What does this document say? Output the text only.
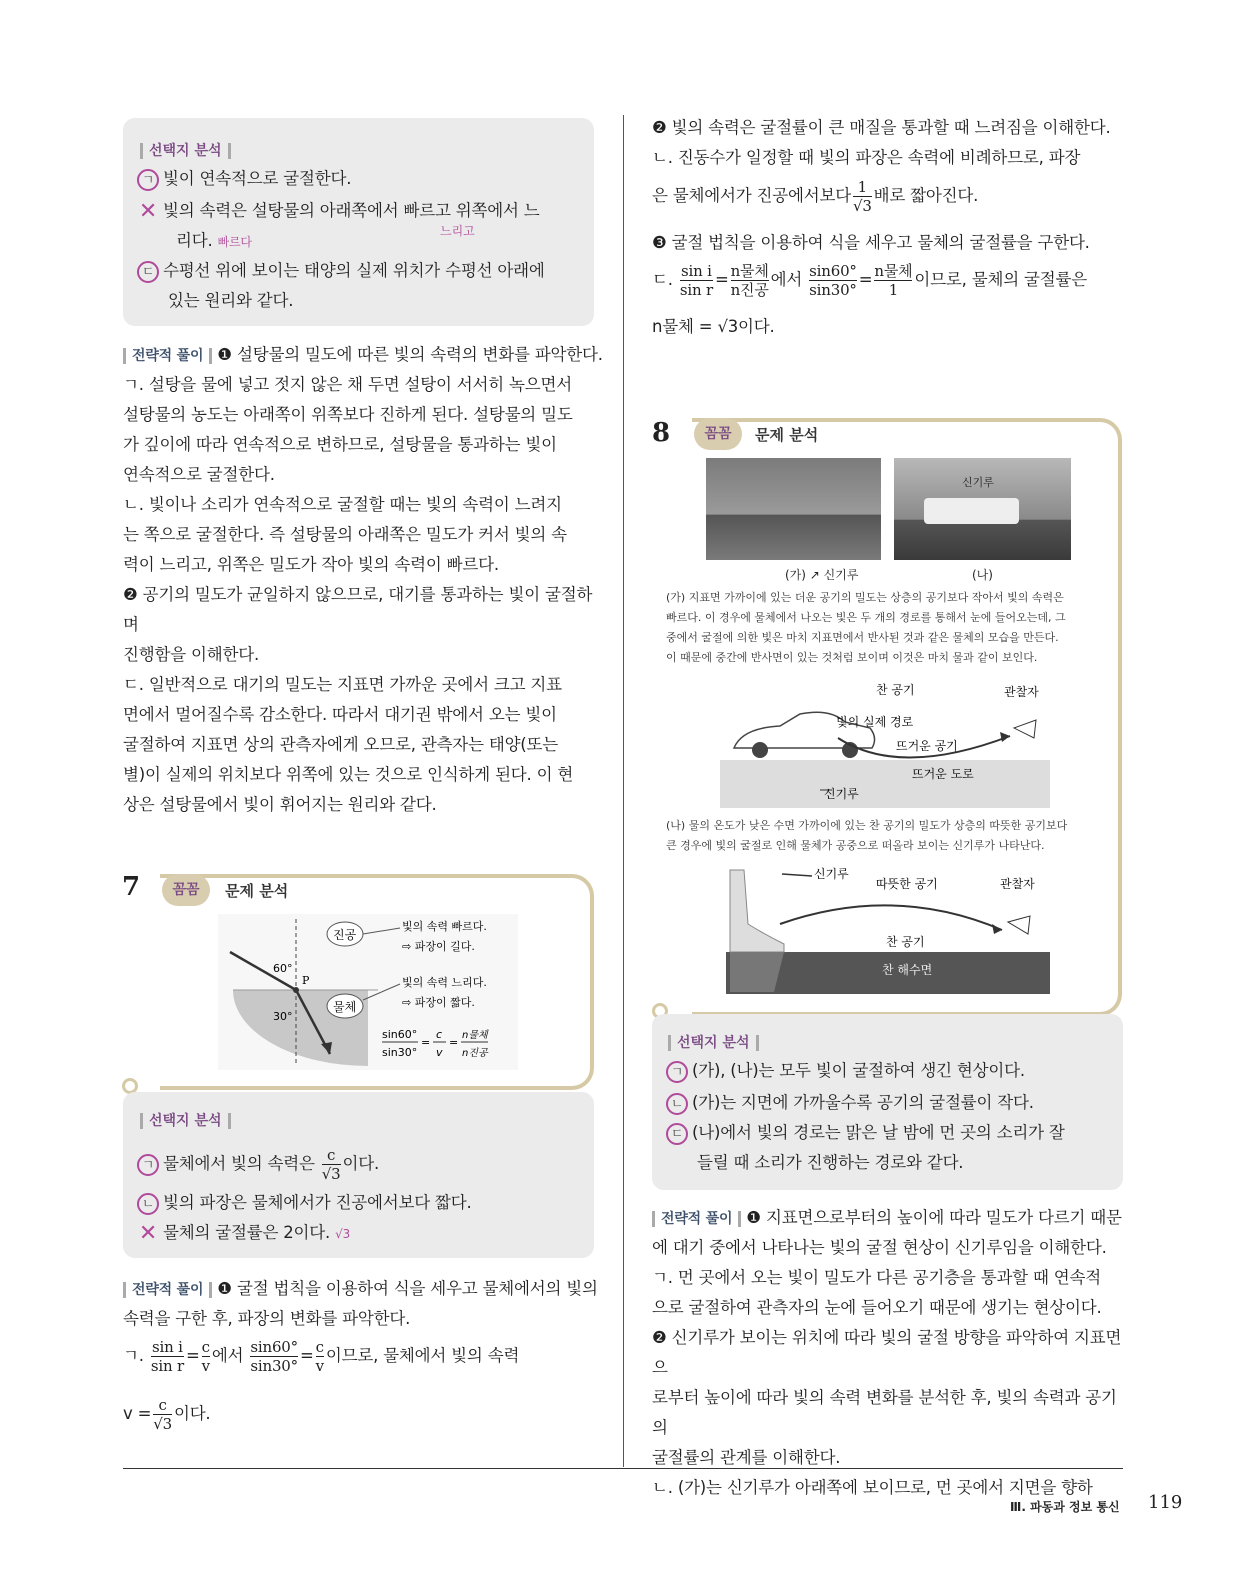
선택지 분석
ㄱ 빛이 연속적으로 굴절한다.
✕ 빛의 속력은 설탕물의 아래쪽에서 빠르고 위쪽에서 느
리다. 빠르다
느리고
ㄷ 수평선 위에 보이는 태양의 실제 위치가 수평선 아래에
있는 원리와 같다.
전략적 풀이 ❶ 설탕물의 밀도에 따른 빛의 속력의 변화를 파악한다.
ㄱ. 설탕을 물에 넣고 젓지 않은 채 두면 설탕이 서서히 녹으면서
설탕물의 농도는 아래쪽이 위쪽보다 진하게 된다. 설탕물의 밀도
가 깊이에 따라 연속적으로 변하므로, 설탕물을 통과하는 빛이
연속적으로 굴절한다.
ㄴ. 빛이나 소리가 연속적으로 굴절할 때는 빛의 속력이 느려지
는 쪽으로 굴절한다. 즉 설탕물의 아래쪽은 밀도가 커서 빛의 속
력이 느리고, 위쪽은 밀도가 작아 빛의 속력이 빠르다.
❷ 공기의 밀도가 균일하지 않으므로, 대기를 통과하는 빛이 굴절하며
진행함을 이해한다.
ㄷ. 일반적으로 대기의 밀도는 지표면 가까운 곳에서 크고 지표
면에서 멀어질수록 감소한다. 따라서 대기권 밖에서 오는 빛이
굴절하여 지표면 상의 관측자에게 오므로, 관측자는 태양(또는
별)이 실제의 위치보다 위쪽에 있는 것으로 인식하게 된다. 이 현
상은 설탕물에서 빛이 휘어지는 원리와 같다.
7	꼼꼼	문제 분석
60°
30°
P
진공
물체
빛의 속력 빠르다.
⇨ 파장이 길다.
빛의 속력 느리다.
⇨ 파장이 짧다.
sin60°
sin30°
=
c
v
=
n물체
n진공
선택지 분석
ㄱ 물체에서 빛의 속력은 $\frac{c}{√3}$ 이다.
ㄴ 빛의 파장은 물체에서가 진공에서보다 짧다.
✕ 물체의 굴절률은 2이다. √3
전략적 풀이 ❶ 굴절 법칙을 이용하여 식을 세우고 물체에서의 빛의
속력을 구한 후, 파장의 변화를 파악한다.
ㄱ. $\frac{\text{sin i}}{\text{sin r}} = \frac{c}{v}$ 에서 $\frac{\sin 60^\circ}{\sin 30^\circ} = \frac{c}{v}$ 이므로, 물체에서 빛의 속력
$v = \frac{c}{√3}$ 이다.
❷ 빛의 속력은 굴절률이 큰 매질을 통과할 때 느려짐을 이해한다.
ㄴ. 진동수가 일정할 때 빛의 파장은 속력에 비례하므로, 파장
은 물체에서가 진공에서보다 $\frac{1}{√3}$ 배로 짧아진다.
❸ 굴절 법칙을 이용하여 식을 세우고 물체의 굴절률을 구한다.
ㄷ. $\frac{\text{sin i}}{\text{sin r}} = \frac{\text{n물체}}{\text{n진공}}$ 에서 $\frac{\sin 60^\circ}{\sin 30^\circ} = \frac{\text{n물체}}{1}$ 이므로, 물체의 굴절률은
n물체 = √3이다.
8	꼼꼼	문제 분석
신기루
(가) ↗ 신기루	(나)
(가) 지표면 가까이에 있는 더운 공기의 밀도는 상층의 공기보다 작아서 빛의 속력은
빠르다. 이 경우에 물체에서 나오는 빛은 두 개의 경로를 통해서 눈에 들어오는데, 그
중에서 굴절에 의한 빛은 마치 지표면에서 반사된 것과 같은 물체의 모습을 만든다.
이 때문에 중간에 반사면이 있는 것처럼 보이며 이것은 마치 물과 같이 보인다.
찬 공기	관찰자
빛의 실제 경로
뜨거운 공기
뜨거운 도로
신기루
(나) 물의 온도가 낮은 수면 가까이에 있는 찬 공기의 밀도가 상층의 따뜻한 공기보다
큰 경우에 빛의 굴절로 인해 물체가 공중으로 떠올라 보이는 신기루가 나타난다.
신기루
따뜻한 공기	관찰자
찬 공기
찬 해수면
선택지 분석
ㄱ (가), (나)는 모두 빛이 굴절하여 생긴 현상이다.
ㄴ (가)는 지면에 가까울수록 공기의 굴절률이 작다.
ㄷ (나)에서 빛의 경로는 맑은 날 밤에 먼 곳의 소리가 잘
들릴 때 소리가 진행하는 경로와 같다.
전략적 풀이 ❶ 지표면으로부터의 높이에 따라 밀도가 다르기 때문
에 대기 중에서 나타나는 빛의 굴절 현상이 신기루임을 이해한다.
ㄱ. 먼 곳에서 오는 빛이 밀도가 다른 공기층을 통과할 때 연속적
으로 굴절하여 관측자의 눈에 들어오기 때문에 생기는 현상이다.
❷ 신기루가 보이는 위치에 따라 빛의 굴절 방향을 파악하여 지표면으
로부터 높이에 따라 빛의 속력 변화를 분석한 후, 빛의 속력과 공기의
굴절률의 관계를 이해한다.
ㄴ. (가)는 신기루가 아래쪽에 보이므로, 먼 곳에서 지면을 향하
Ⅲ. 파동과 정보 통신 119
